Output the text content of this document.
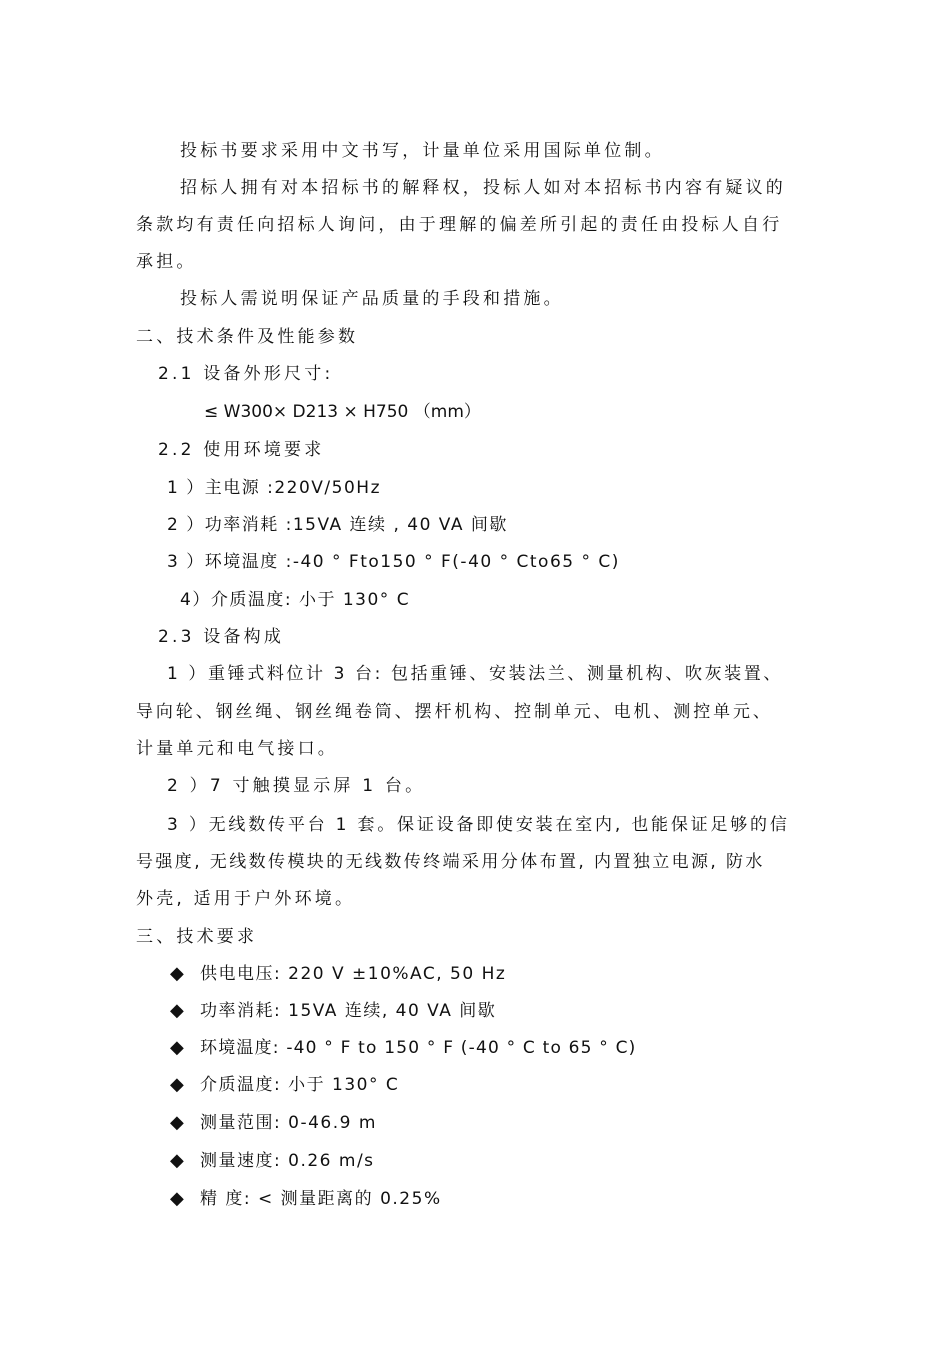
投标书要求采用中文书写，计量单位采用国际单位制。
招标人拥有对本招标书的解释权，投标人如对本招标书内容有疑议的
条款均有责任向招标人询问，由于理解的偏差所引起的责任由投标人自行
承担。
投标人需说明保证产品质量的手段和措施。
二、技术条件及性能参数
2.1 设备外形尺寸:
≤ W300× D213 × H750 （mm）
2.2 使用环境要求
1 ）主电源 :220V/50Hz
2 ）功率消耗 :15VA 连续 , 40 VA 间歇
3 ）环境温度 :-40 ° Fto150 ° F(-40 ° Cto65 ° C)
4）介质温度: 小于 130° C
2.3 设备构成
1 ）重锤式料位计 3 台: 包括重锤、安装法兰、测量机构、吹灰装置、
导向轮、钢丝绳、钢丝绳卷筒、摆杆机构、控制单元、电机、测控单元、
计量单元和电气接口。
2 ）7 寸触摸显示屏 1 台。
3 ）无线数传平台 1 套。保证设备即使安装在室内, 也能保证足够的信
号强度, 无线数传模块的无线数传终端采用分体布置, 内置独立电源, 防水
外壳, 适用于户外环境。
三、技术要求
◆ 供电电压: 220 V ±10%AC, 50 Hz
◆ 功率消耗: 15VA 连续, 40 VA 间歇
◆ 环境温度: -40 ° F to 150 ° F (-40 ° C to 65 ° C)
◆ 介质温度: 小于 130° C
◆ 测量范围: 0-46.9 m
◆ 测量速度: 0.26 m/s
◆ 精 度: < 测量距离的 0.25%
